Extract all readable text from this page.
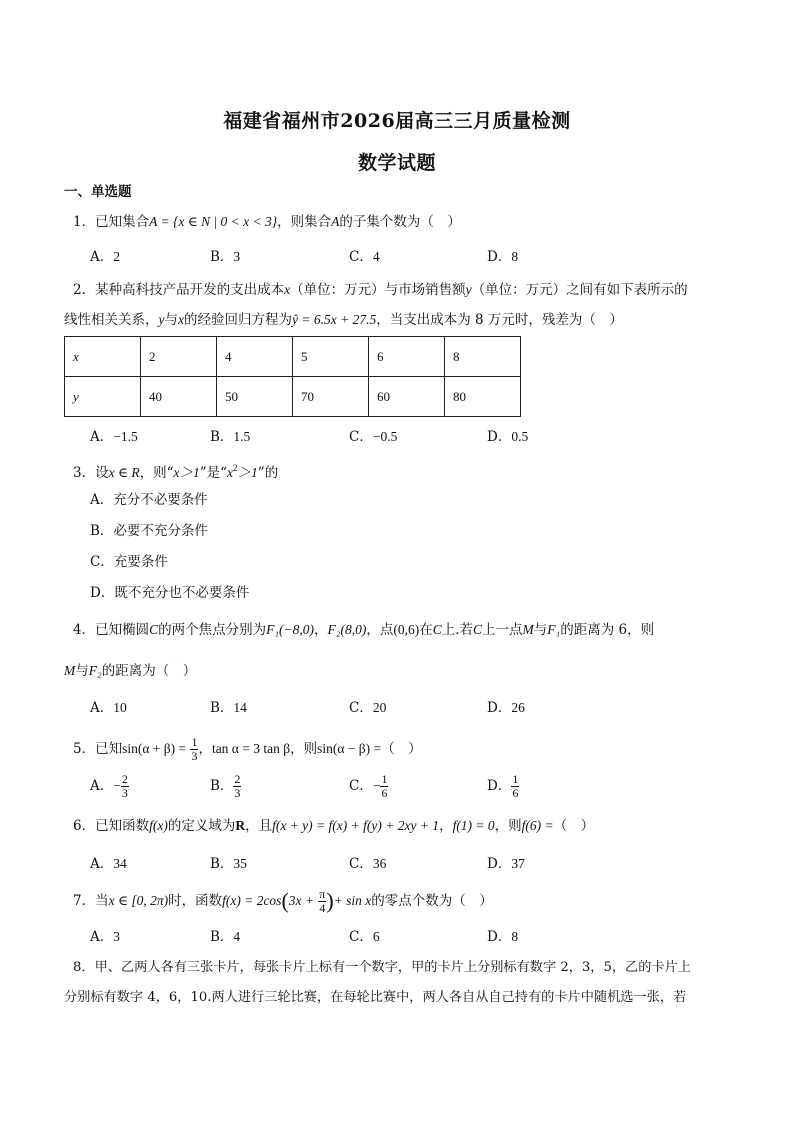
福建省福州市2026届高三三月质量检测
数学试题
一、单选题
1．已知集合A = {x ∈ N | 0 < x < 3}，则集合A的子集个数为（　）
A．2	B．3	C．4	D．8
2．某种高科技产品开发的支出成本x（单位：万元）与市场销售额y（单位：万元）之间有如下表所示的
线性相关关系，y与x的经验回归方程为ŷ = 6.5x + 27.5，当支出成本为 8 万元时，残差为（　）
x	2	4	5	6	8
y	40	50	70	60	80
A．−1.5	B．1.5	C．−0.5	D．0.5
3．设x ∈ R，则“x＞1”是“$x^2>1$”的
A．充分不必要条件
B．必要不充分条件
C．充要条件
D．既不充分也不必要条件
4．已知椭圆C的两个焦点分别为F₁(−8,0)，F₂(8,0)，点(0,6)在C上.若C上一点M与F₁的距离为 6，则
M与F₂的距离为（　）
A．10	B．14	C．20	D．26
5．已知$\sin(\alpha + \beta) = \frac{1}{3}$ ，tan α = 3 tan β，则sin(α − β) =（　）
A．− $\frac{2}{3}$	B． $\frac{2}{3}$	C．− $\frac{1}{6}$	D． $\frac{1}{6}$
6．已知函数f(x)的定义域为R，且f(x + y) = f(x) + f(y) + 2xy + 1，f(1) = 0，则f(6) =（　）
A．34	B．35	C．36	D．37
7．当x ∈ [0, 2π)时，函数$f(x) = 2\cos(3x + \frac{\pi}{4}$ )+ sin x的零点个数为（　）
A．3	B．4	C．6	D．8
8．甲、乙两人各有三张卡片，每张卡片上标有一个数字，甲的卡片上分别标有数字 2，3，5，乙的卡片上
分别标有数字 4，6，10.两人进行三轮比赛，在每轮比赛中，两人各自从自己持有的卡片中随机选一张，若
